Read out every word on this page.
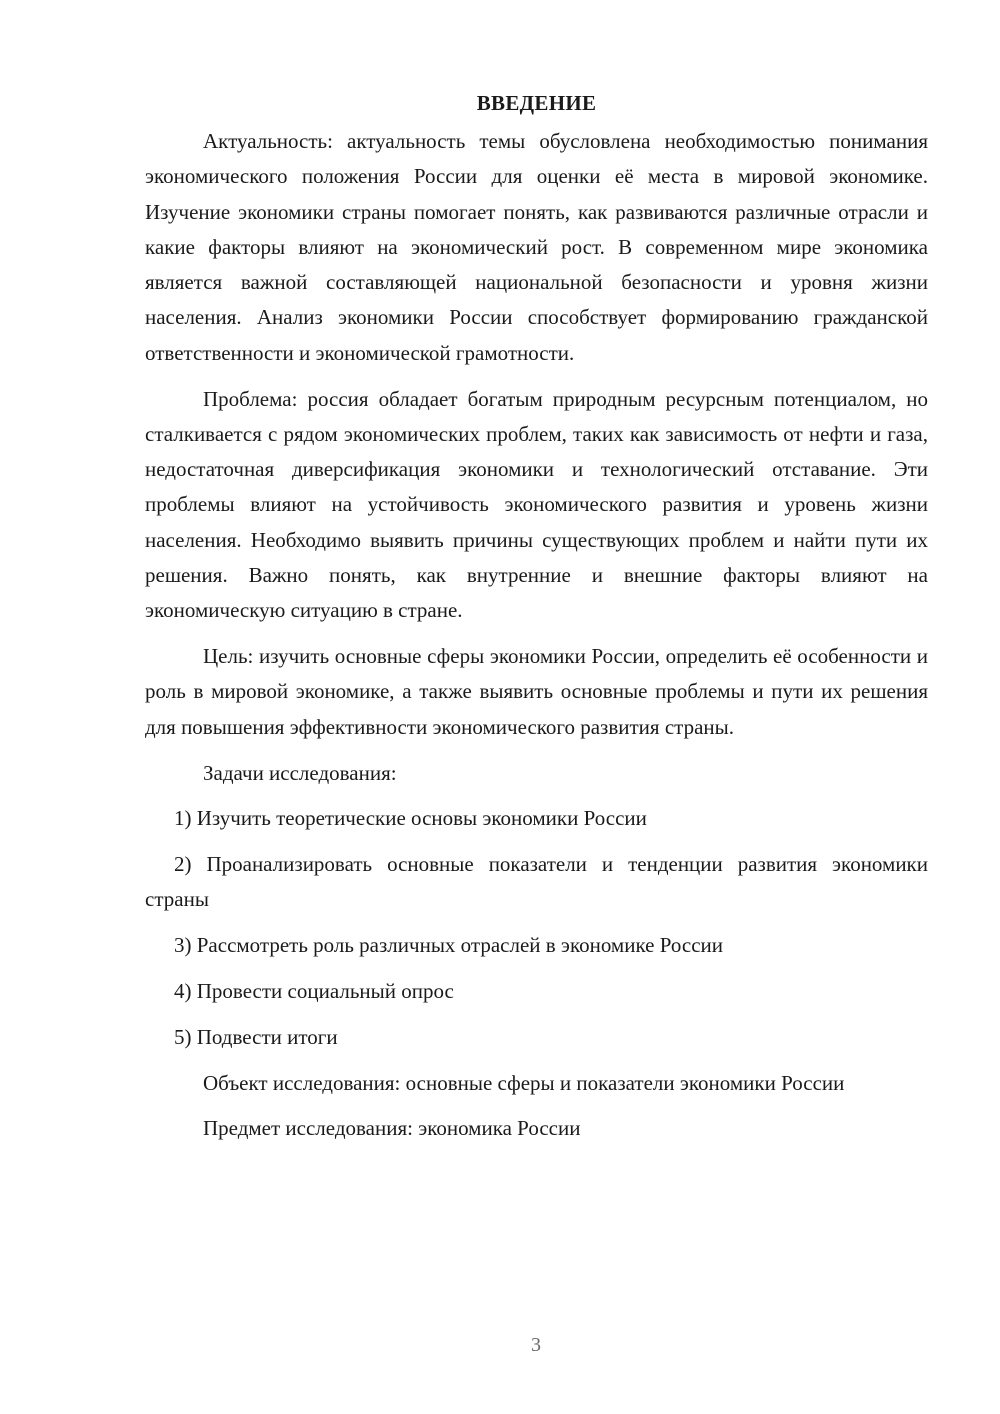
ВВЕДЕНИЕ

Актуальность: актуальность темы обусловлена необходимостью понимания экономического положения России для оценки её места в мировой экономике. Изучение экономики страны помогает понять, как развиваются различные отрасли и какие факторы влияют на экономический рост. В современном мире экономика является важной составляющей национальной безопасности и уровня жизни населения. Анализ экономики России способствует формированию гражданской ответственности и экономической грамотности.

Проблема: россия обладает богатым природным ресурсным потенциалом, но сталкивается с рядом экономических проблем, таких как зависимость от нефти и газа, недостаточная диверсификация экономики и технологический отставание. Эти проблемы влияют на устойчивость экономического развития и уровень жизни населения. Необходимо выявить причины существующих проблем и найти пути их решения. Важно понять, как внутренние и внешние факторы влияют на экономическую ситуацию в стране.

Цель: изучить основные сферы экономики России, определить её особенности и роль в мировой экономике, а также выявить основные проблемы и пути их решения для повышения эффективности экономического развития страны.

Задачи исследования:

1) Изучить теоретические основы экономики России

2) Проанализировать основные показатели и тенденции развития экономики страны

3) Рассмотреть роль различных отраслей в экономике России

4) Провести социальный опрос

5) Подвести итоги

Объект исследования: основные сферы и показатели экономики России

Предмет исследования: экономика России

3
